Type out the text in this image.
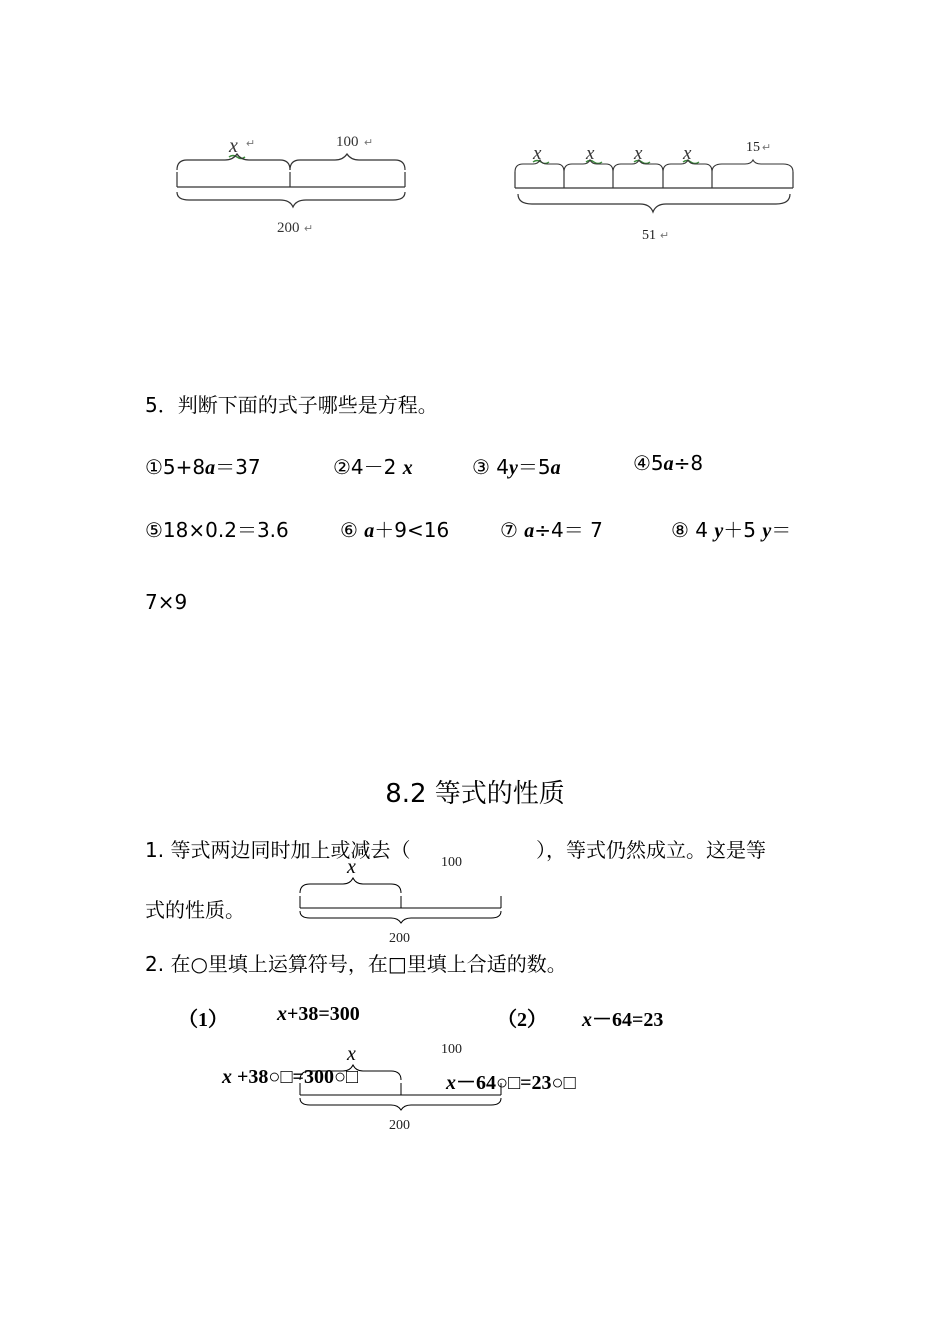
x ↵	100 ↵
200 ↵
x x x x	15 ↵
51 ↵
5．判断下面的式子哪些是方程。
①5+8a＝37	②4－2 x	③ 4y＝5a	④5a÷8
⑤18×0.2＝3.6	⑥ a＋9<16	⑦ a÷4＝ 7	⑧ 4 y＋5 y＝
7×9
8.2 等式的性质
1. 等式两边同时加上或减去（	），等式仍然成立。这是等
式的性质。
x	100
200
2. 在○里填上运算符号，在□里填上合适的数。
（1） x+38=300	（2） x－64=23
x +38○□=300○□	x－64○□=23○□
x	100
200
